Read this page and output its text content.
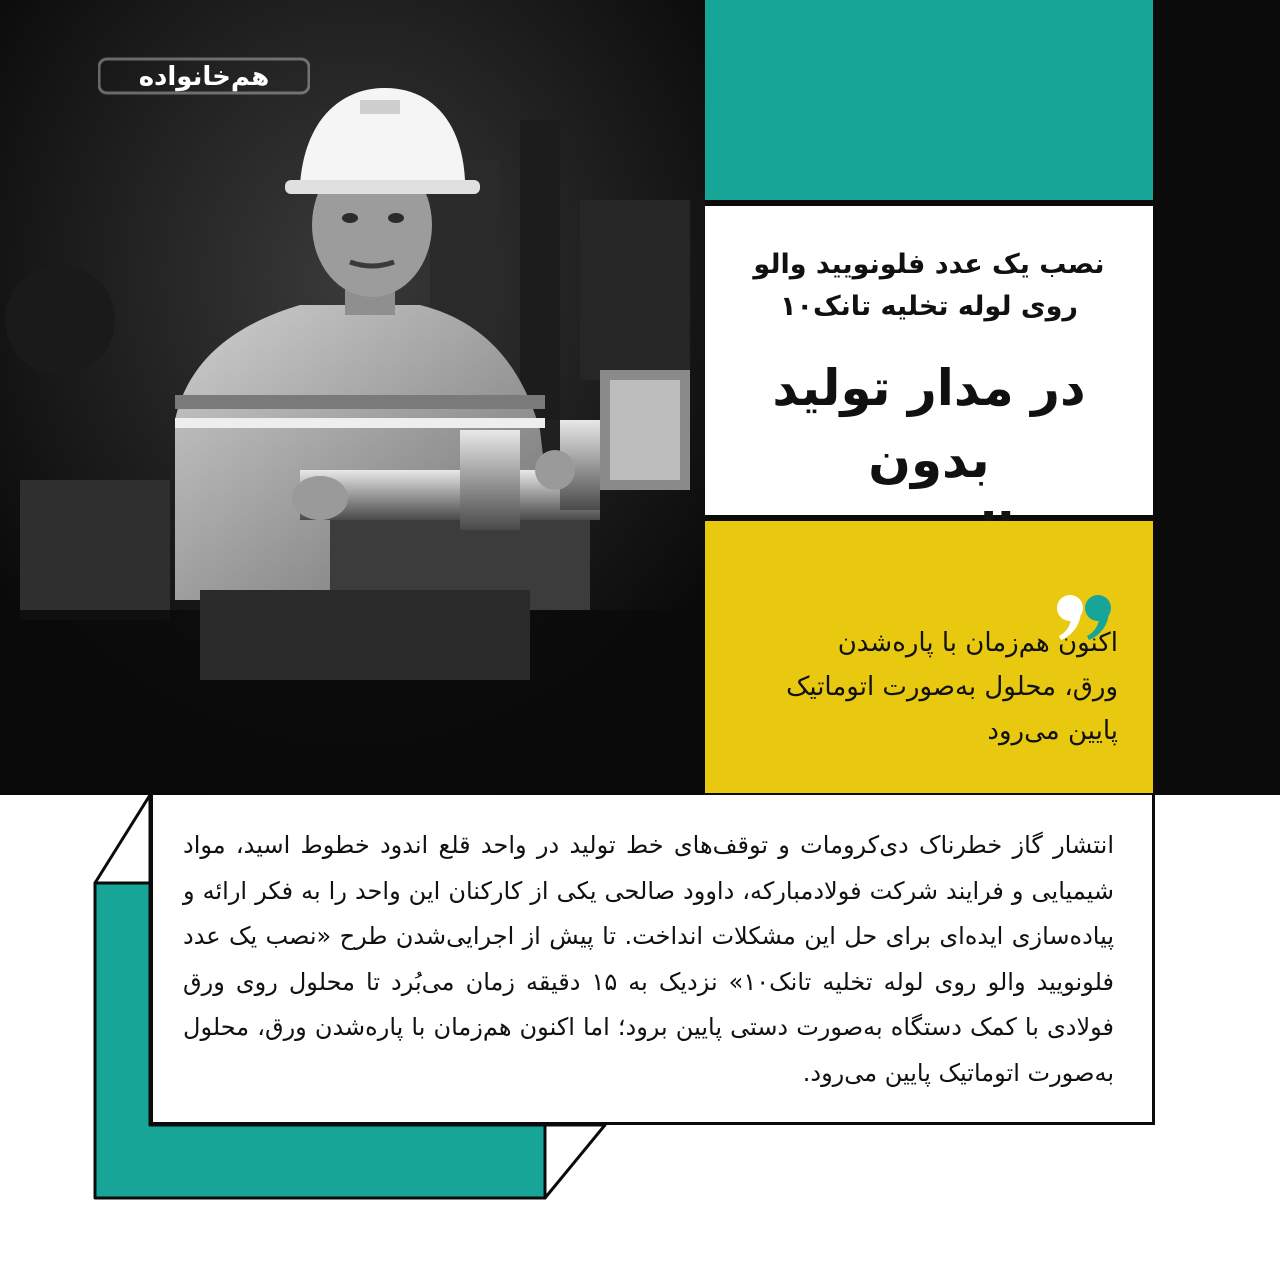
هم‌خانواده
نصب یک عدد فلونویید والو
روی لوله تخلیه تانک۱۰
در مدار تولید بدون
اکنون هم‌زمان با پاره‌شدن
ورق، محلول به‌صورت اتوماتیک
پایین می‌رود
انتشار گاز خطرناک دی‌کرومات و توقف‌های خط تولید در واحد قلع اندود خطوط اسید، مواد شیمیایی و فرایند شرکت فولادمبارکه، داوود صالحی یکی از کارکنان این واحد را به فکر ارائه و پیاده‌سازی ایده‌ای برای حل این مشکلات انداخت. تا پیش از اجرایی‌شدن طرح «نصب یک عدد فلونویید والو روی لوله تخلیه تانک۱۰» نزدیک به ۱۵ دقیقه زمان می‌بُرد تا محلول روی ورق فولادی با کمک دستگاه به‌صورت دستی پایین برود؛ اما اکنون هم‌زمان با پاره‌شدن ورق، محلول به‌صورت اتوماتیک پایین می‌رود.
